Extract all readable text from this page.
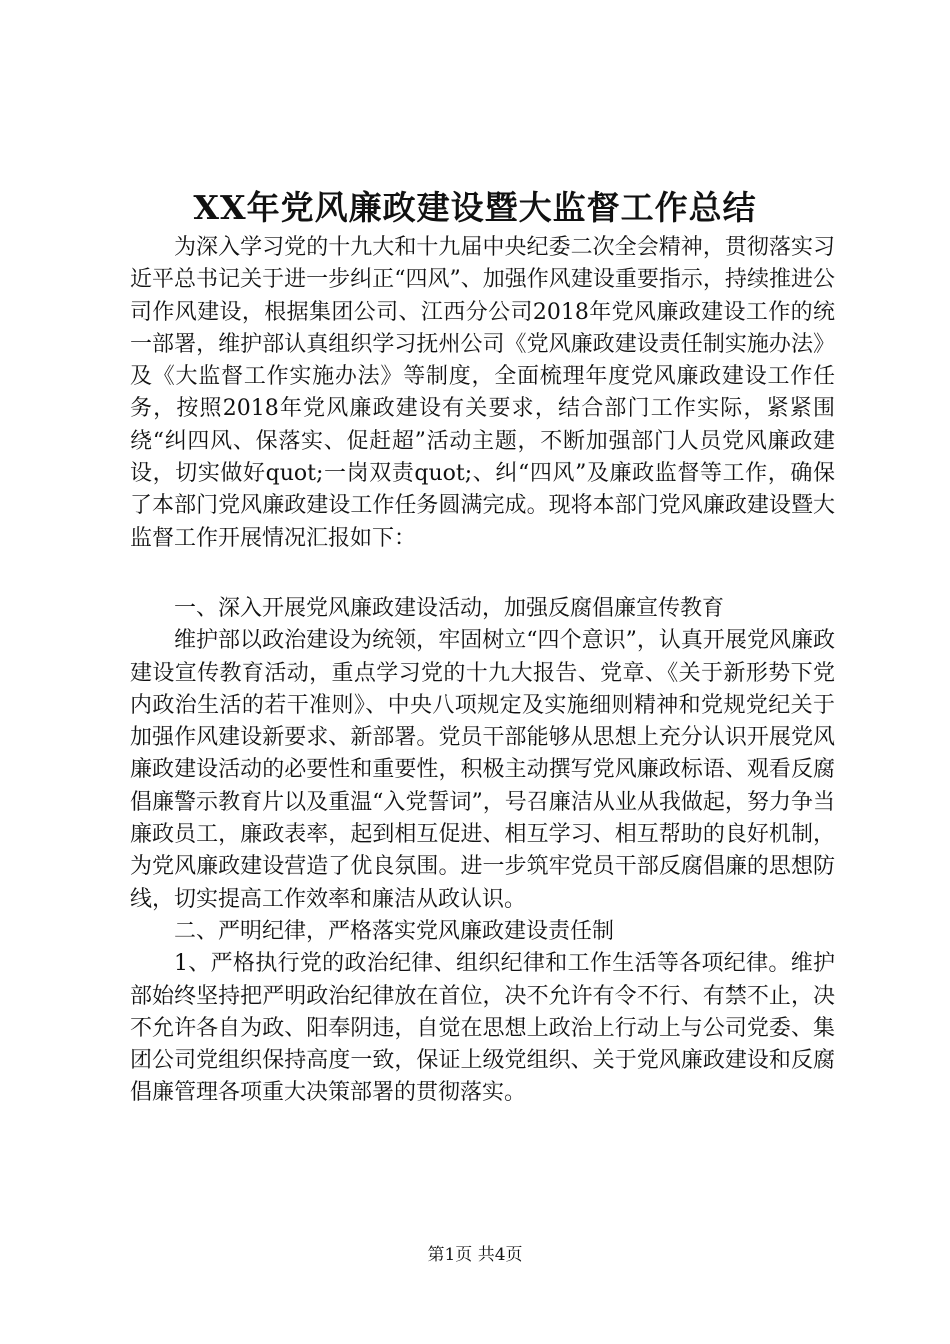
XX年党风廉政建设暨大监督工作总结

为深入学习党的十九大和十九届中央纪委二次全会精神，贯彻落实习近平总书记关于进一步纠正“四风”、加强作风建设重要指示，持续推进公司作风建设，根据集团公司、江西分公司2018年党风廉政建设工作的统一部署，维护部认真组织学习抚州公司《党风廉政建设责任制实施办法》及《大监督工作实施办法》等制度，全面梳理年度党风廉政建设工作任务，按照2018年党风廉政建设有关要求，结合部门工作实际，紧紧围绕“纠四风、保落实、促赶超”活动主题，不断加强部门人员党风廉政建设，切实做好quot;一岗双责quot;、纠“四风”及廉政监督等工作，确保了本部门党风廉政建设工作任务圆满完成。现将本部门党风廉政建设暨大监督工作开展情况汇报如下：

一、深入开展党风廉政建设活动，加强反腐倡廉宣传教育

维护部以政治建设为统领，牢固树立“四个意识”，认真开展党风廉政建设宣传教育活动，重点学习党的十九大报告、党章、《关于新形势下党内政治生活的若干准则》、中央八项规定及实施细则精神和党规党纪关于加强作风建设新要求、新部署。党员干部能够从思想上充分认识开展党风廉政建设活动的必要性和重要性，积极主动撰写党风廉政标语、观看反腐倡廉警示教育片以及重温“入党誓词”，号召廉洁从业从我做起，努力争当廉政员工，廉政表率，起到相互促进、相互学习、相互帮助的良好机制，为党风廉政建设营造了优良氛围。进一步筑牢党员干部反腐倡廉的思想防线，切实提高工作效率和廉洁从政认识。

二、严明纪律，严格落实党风廉政建设责任制

1、严格执行党的政治纪律、组织纪律和工作生活等各项纪律。维护部始终坚持把严明政治纪律放在首位，决不允许有令不行、有禁不止，决不允许各自为政、阳奉阴违，自觉在思想上政治上行动上与公司党委、集团公司党组织保持高度一致，保证上级党组织、关于党风廉政建设和反腐倡廉管理各项重大决策部署的贯彻落实。

第1页 共4页
